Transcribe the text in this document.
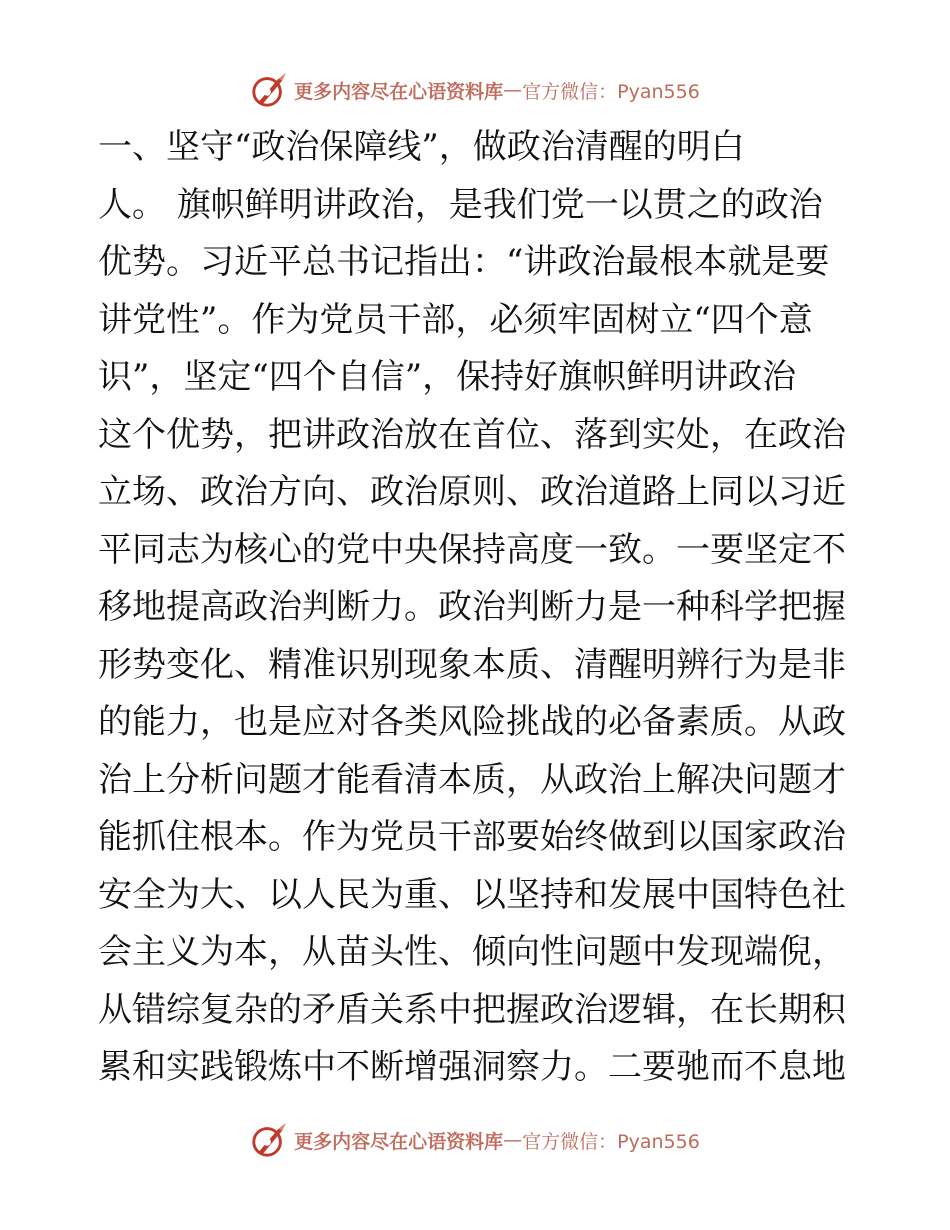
更多内容尽在心语资料库 — 官方微信：Pyan556
一、坚守“政治保障线”，做政治清醒的明白
人。 旗帜鲜明讲政治，是我们党一以贯之的政治
优势。习近平总书记指出：“讲政治最根本就是要
讲党性”。作为党员干部，必须牢固树立“四个意
识”，坚定“四个自信”，保持好旗帜鲜明讲政治
这个优势，把讲政治放在首位、落到实处，在政治
立场、政治方向、政治原则、政治道路上同以习近
平同志为核心的党中央保持高度一致。一要坚定不
移地提高政治判断力。政治判断力是一种科学把握
形势变化、精准识别现象本质、清醒明辨行为是非
的能力，也是应对各类风险挑战的必备素质。从政
治上分析问题才能看清本质，从政治上解决问题才
能抓住根本。作为党员干部要始终做到以国家政治
安全为大、以人民为重、以坚持和发展中国特色社
会主义为本，从苗头性、倾向性问题中发现端倪，
从错综复杂的矛盾关系中把握政治逻辑，在长期积
累和实践锻炼中不断增强洞察力。二要驰而不息地
更多内容尽在心语资料库 — 官方微信：Pyan556
